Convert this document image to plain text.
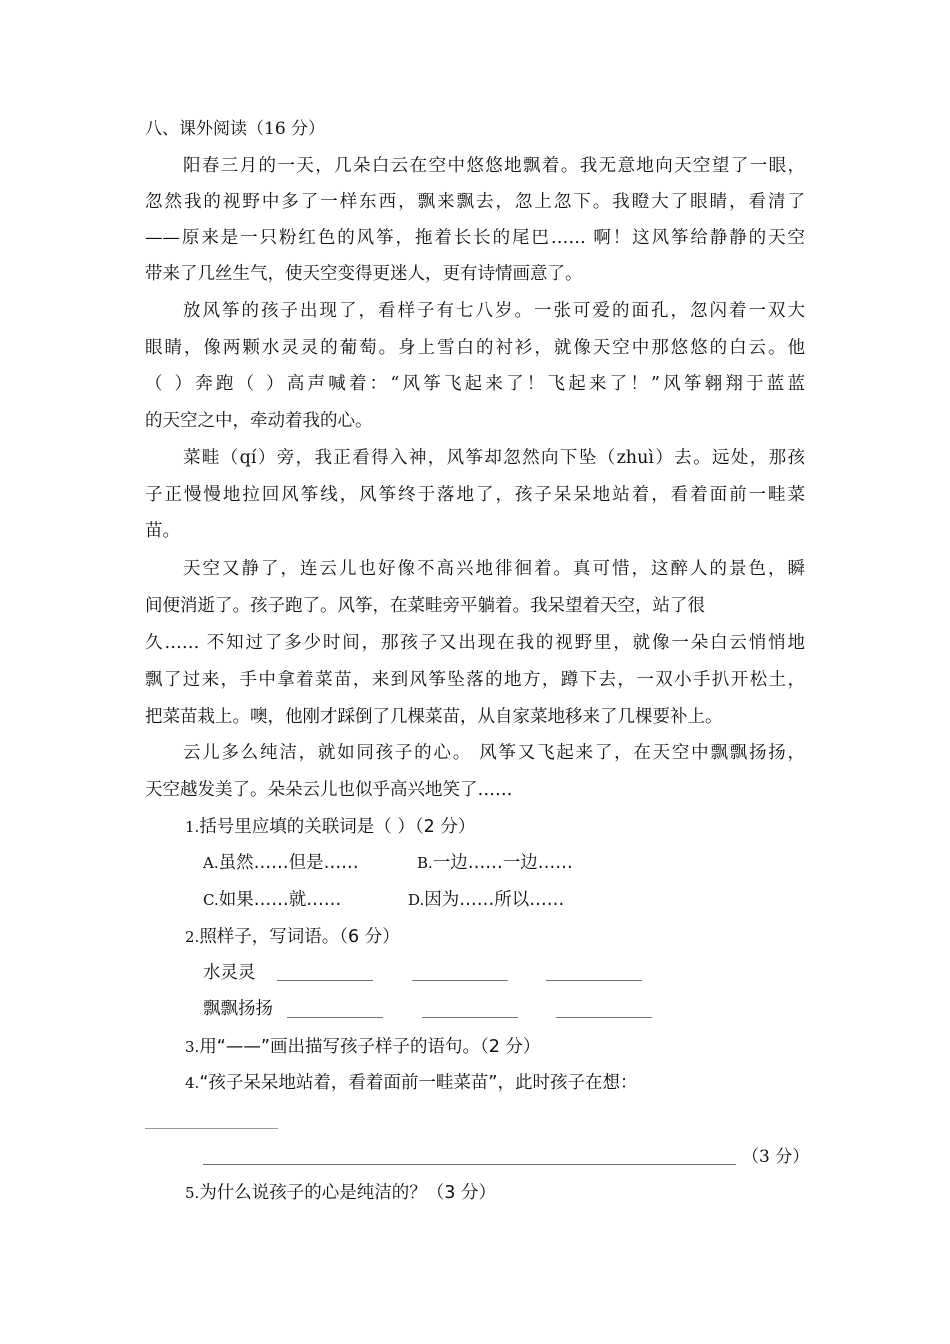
八、课外阅读（16 分）
阳春三月的一天，几朵白云在空中悠悠地飘着。我无意地向天空望了一眼，
忽然我的视野中多了一样东西，飘来飘去，忽上忽下。我瞪大了眼睛，看清了
——原来是一只粉红色的风筝，拖着长长的尾巴…… 啊！这风筝给静静的天空
带来了几丝生气，使天空变得更迷人，更有诗情画意了。
放风筝的孩子出现了，看样子有七八岁。一张可爱的面孔，忽闪着一双大
眼睛，像两颗水灵灵的葡萄。身上雪白的衬衫，就像天空中那悠悠的白云。他
（ ）奔跑（ ）高声喊着：“风筝飞起来了！飞起来了！”风筝翱翔于蓝蓝
的天空之中，牵动着我的心。
菜畦（qí）旁，我正看得入神，风筝却忽然向下坠（zhuì）去。远处，那孩
子正慢慢地拉回风筝线，风筝终于落地了，孩子呆呆地站着，看着面前一畦菜
苗。
天空又静了，连云儿也好像不高兴地徘徊着。真可惜，这醉人的景色，瞬
间便消逝了。孩子跑了。风筝，在菜畦旁平躺着。我呆望着天空，站了很
久…… 不知过了多少时间，那孩子又出现在我的视野里，就像一朵白云悄悄地
飘了过来，手中拿着菜苗，来到风筝坠落的地方，蹲下去，一双小手扒开松土，
把菜苗栽上。噢，他刚才踩倒了几棵菜苗，从自家菜地移来了几棵要补上。
云儿多么纯洁，就如同孩子的心。 风筝又飞起来了，在天空中飘飘扬扬，
天空越发美了。朵朵云儿也似乎高兴地笑了……
1.括号里应填的关联词是（ ）（2 分）
A.虽然……但是……	B.一边……一边……
C.如果……就……	D.因为……所以……
2.照样子，写词语。（6 分）
水灵灵
飘飘扬扬
3.用“——”画出描写孩子样子的语句。（2 分）
4.“孩子呆呆地站着，看着面前一畦菜苗”，此时孩子在想：
（3 分）
5.为什么说孩子的心是纯洁的？（3 分）
